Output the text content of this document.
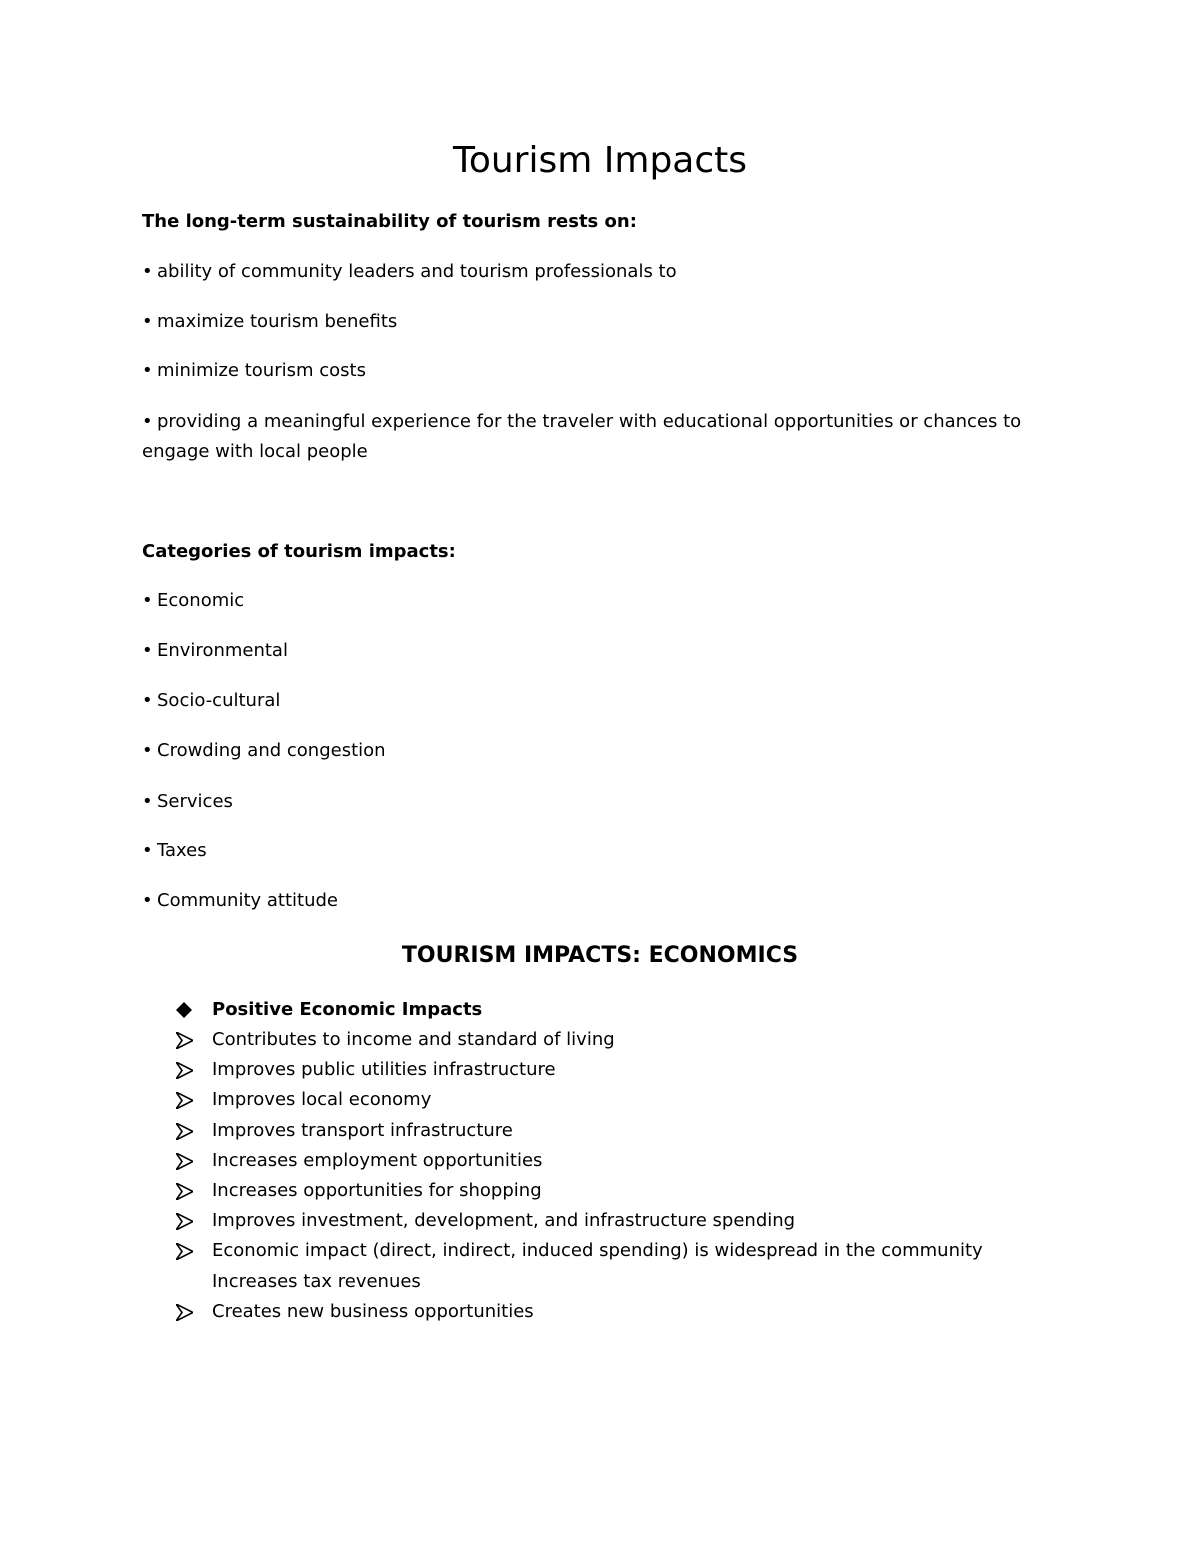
Tourism Impacts

The long-term sustainability of tourism rests on:

• ability of community leaders and tourism professionals to

• maximize tourism benefits

• minimize tourism costs

• providing a meaningful experience for the traveler with educational opportunities or chances to engage with local people

Categories of tourism impacts:

• Economic

• Environmental

• Socio-cultural

• Crowding and congestion

• Services

• Taxes

• Community attitude

TOURISM IMPACTS: ECONOMICS
Positive Economic Impacts
Contributes to income and standard of living
Improves public utilities infrastructure
Improves local economy
Improves transport infrastructure
Increases employment opportunities
Increases opportunities for shopping
Improves investment, development, and infrastructure spending
Economic impact (direct, indirect, induced spending) is widespread in the community Increases tax revenues
Creates new business opportunities
